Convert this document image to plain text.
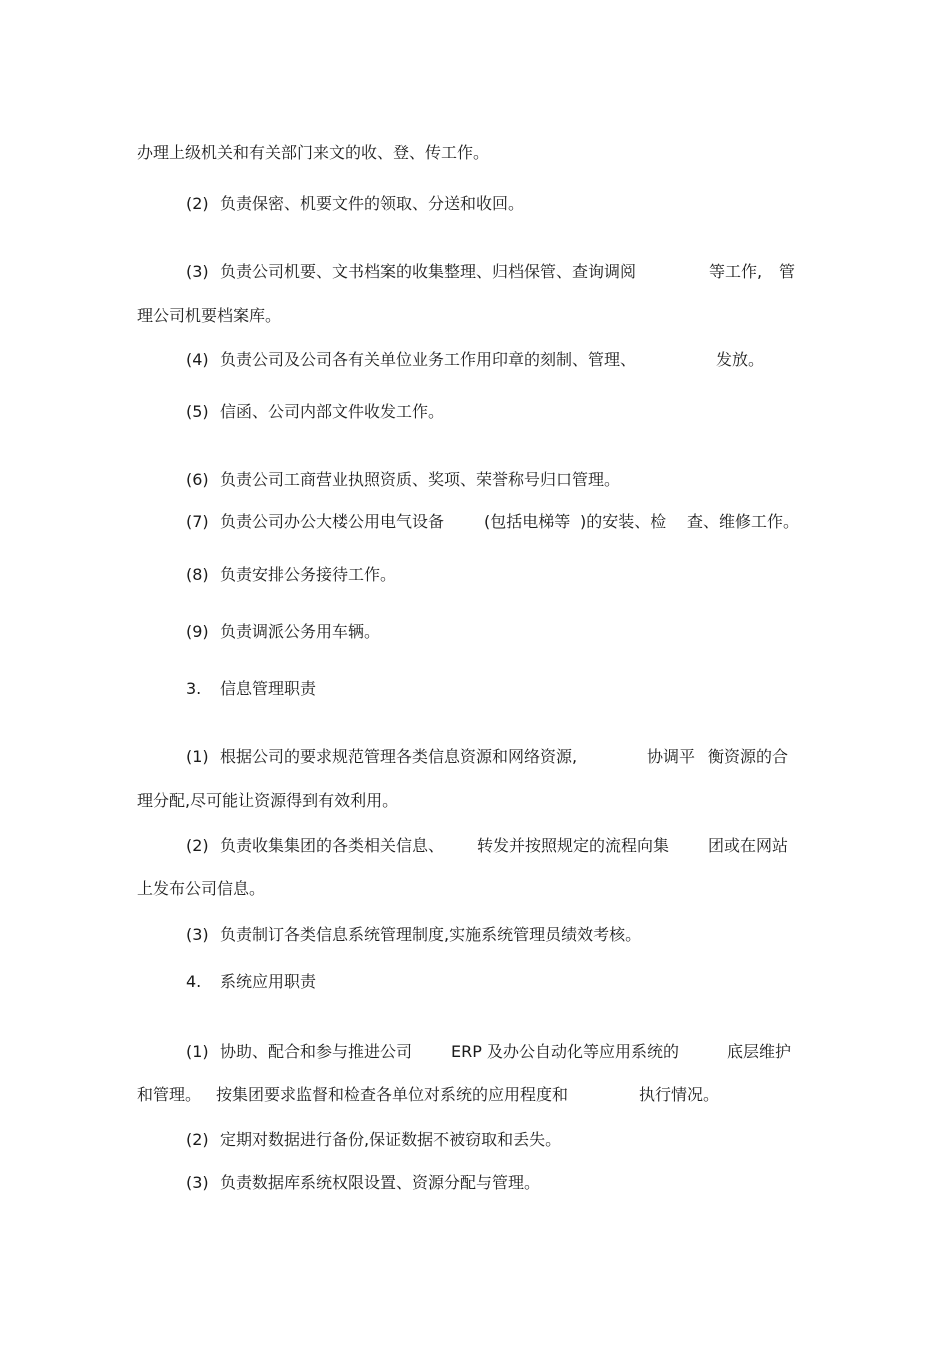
办理上级机关和有关部门来文的收、登、传工作。
(2) 负责保密、机要文件的领取、分送和收回。
(3) 负责公司机要、文书档案的收集整理、归档保管、查询调阅	等工作, 管
理公司机要档案库。
(4) 负责公司及公司各有关单位业务工作用印章的刻制、管理、	发放。
(5) 信函、公司内部文件收发工作。
(6) 负责公司工商营业执照资质、奖项、荣誉称号归口管理。
(7) 负责公司办公大楼公用电气设备 (包括电梯等 )的安装、检 查、维修工作。
(8) 负责安排公务接待工作。
(9) 负责调派公务用车辆。
3. 信息管理职责
(1) 根据公司的要求规范管理各类信息资源和网络资源,	协调平 衡资源的合
理分配,尽可能让资源得到有效利用。
(2) 负责收集集团的各类相关信息、 转发并按照规定的流程向集 团或在网站
上发布公司信息。
(3) 负责制订各类信息系统管理制度,实施系统管理员绩效考核。
4. 系统应用职责
(1) 协助、配合和参与推进公司 ERP 及办公自动化等应用系统的	底层维护
和管理。 按集团要求监督和检查各单位对系统的应用程度和	执行情况。
(2) 定期对数据进行备份,保证数据不被窃取和丢失。
(3) 负责数据库系统权限设置、资源分配与管理。
